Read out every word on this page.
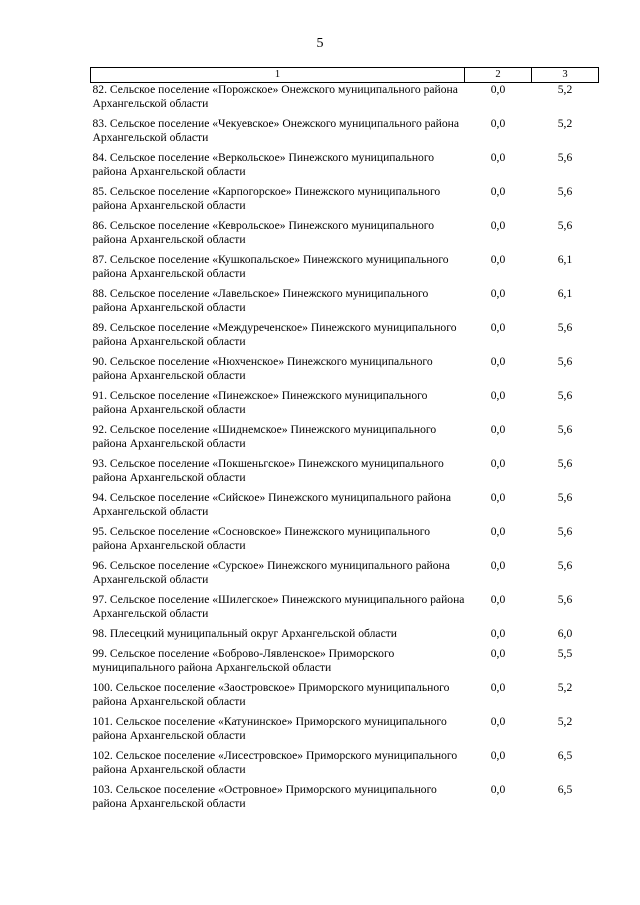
5
1	2	3
82. Сельское поселение «Порожское» Онежского муниципального района Архангельской области	0,0	5,2
83. Сельское поселение «Чекуевское» Онежского муниципального района Архангельской области	0,0	5,2
84. Сельское поселение «Веркольское» Пинежского муниципального района Архангельской области	0,0	5,6
85. Сельское поселение «Карпогорское» Пинежского муниципального района Архангельской области	0,0	5,6
86. Сельское поселение «Кеврольское» Пинежского муниципального района Архангельской области	0,0	5,6
87. Сельское поселение «Кушкопальское» Пинежского муниципального района Архангельской области	0,0	6,1
88. Сельское поселение «Лавельское» Пинежского муниципального района Архангельской области	0,0	6,1
89. Сельское поселение «Междуреченское» Пинежского муниципального района Архангельской области	0,0	5,6
90. Сельское поселение «Нюхченское» Пинежского муниципального района Архангельской области	0,0	5,6
91. Сельское поселение «Пинежское» Пинежского муниципального района Архангельской области	0,0	5,6
92. Сельское поселение «Шиднемское» Пинежского муниципального района Архангельской области	0,0	5,6
93. Сельское поселение «Покшеньгское» Пинежского муниципального района Архангельской области	0,0	5,6
94. Сельское поселение «Сийское» Пинежского муниципального района Архангельской области	0,0	5,6
95. Сельское поселение «Сосновское» Пинежского муниципального района Архангельской области	0,0	5,6
96. Сельское поселение «Сурское» Пинежского муниципального района Архангельской области	0,0	5,6
97. Сельское поселение «Шилегское» Пинежского муниципального района Архангельской области	0,0	5,6
98. Плесецкий муниципальный округ Архангельской области	0,0	6,0
99. Сельское поселение «Боброво-Лявленское» Приморского муниципального района Архангельской области	0,0	5,5
100. Сельское поселение «Заостровское» Приморского муниципального района Архангельской области	0,0	5,2
101. Сельское поселение «Катунинское» Приморского муниципального района Архангельской области	0,0	5,2
102. Сельское поселение «Лисестровское» Приморского муниципального района Архангельской области	0,0	6,5
103. Сельское поселение «Островное» Приморского муниципального района Архангельской области	0,0	6,5
